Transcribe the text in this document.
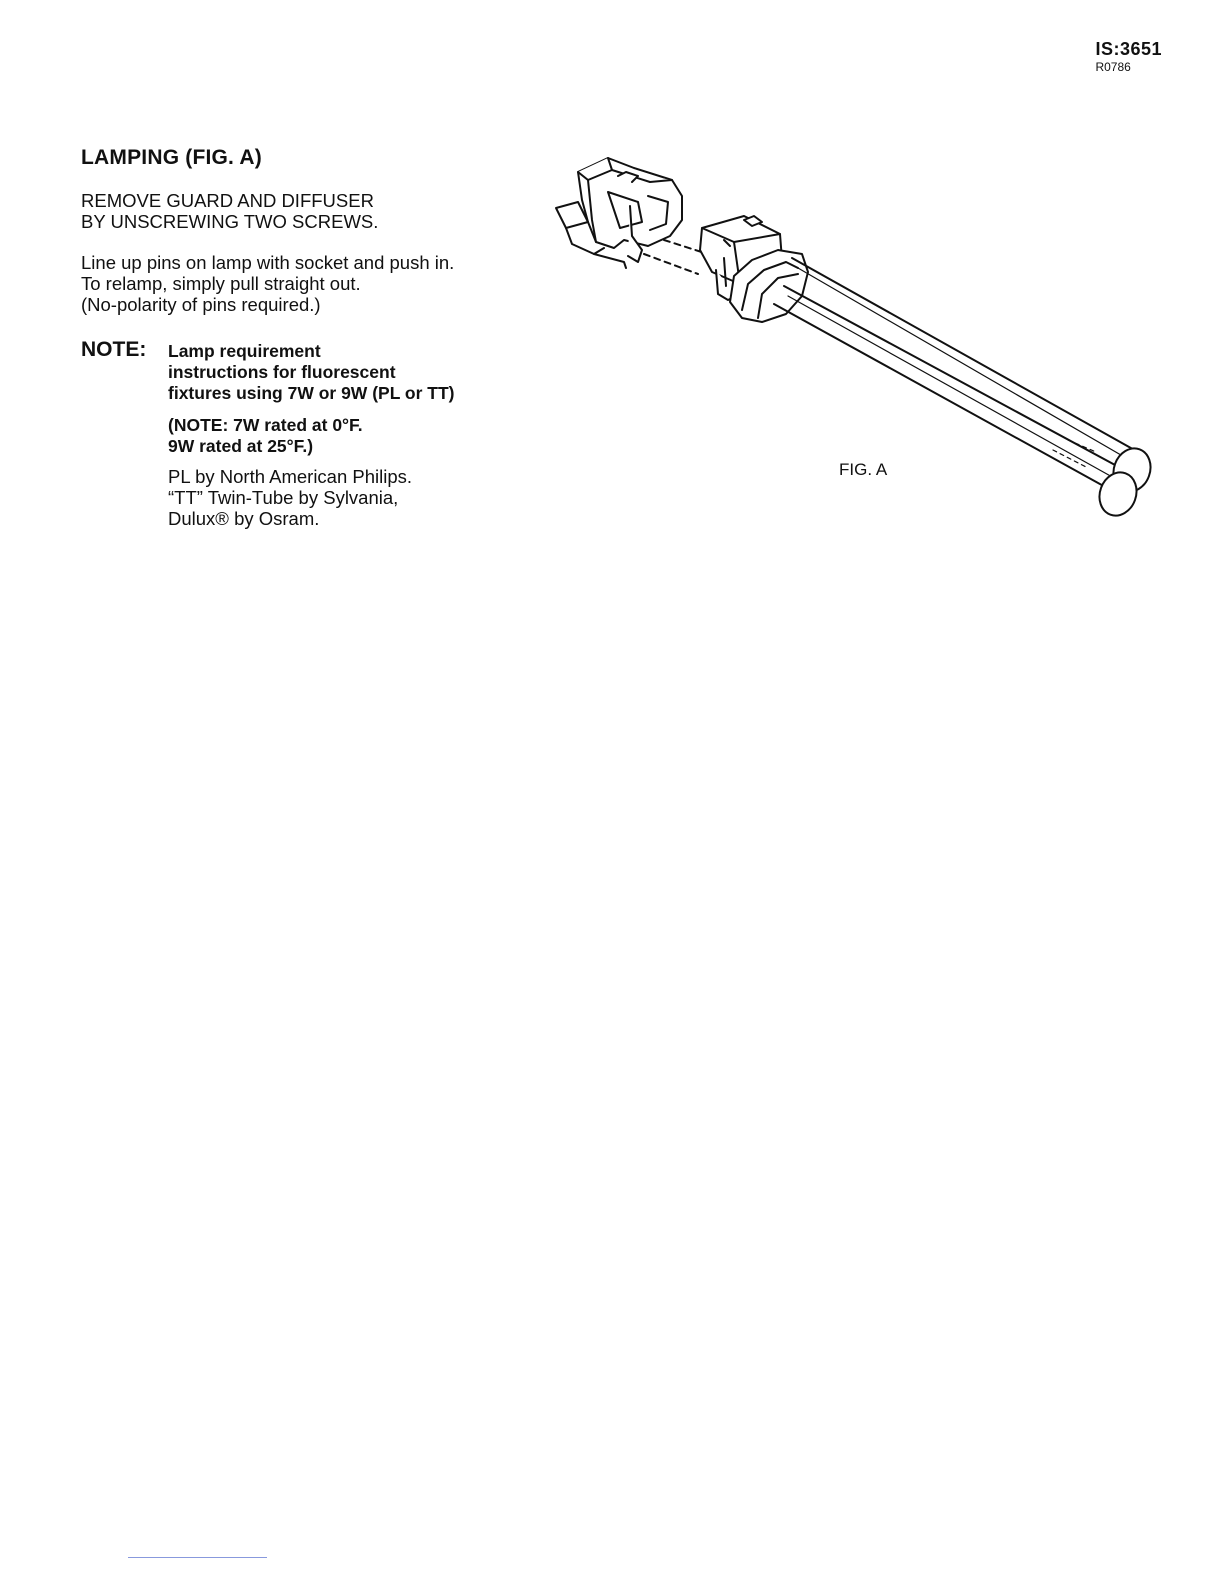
IS:3651
R0786
LAMPING (FIG. A)

REMOVE GUARD AND DIFFUSER
BY UNSCREWING TWO SCREWS.

Line up pins on lamp with socket and push in.
To relamp, simply pull straight out.
(No-polarity of pins required.)

NOTE: Lamp requirement
instructions for fluorescent
fixtures using 7W or 9W (PL or TT)

(NOTE: 7W rated at 0°F.
9W rated at 25°F.)

PL by North American Philips.
“TT” Twin-Tube by Sylvania,
Dulux® by Osram.

FIG. A
